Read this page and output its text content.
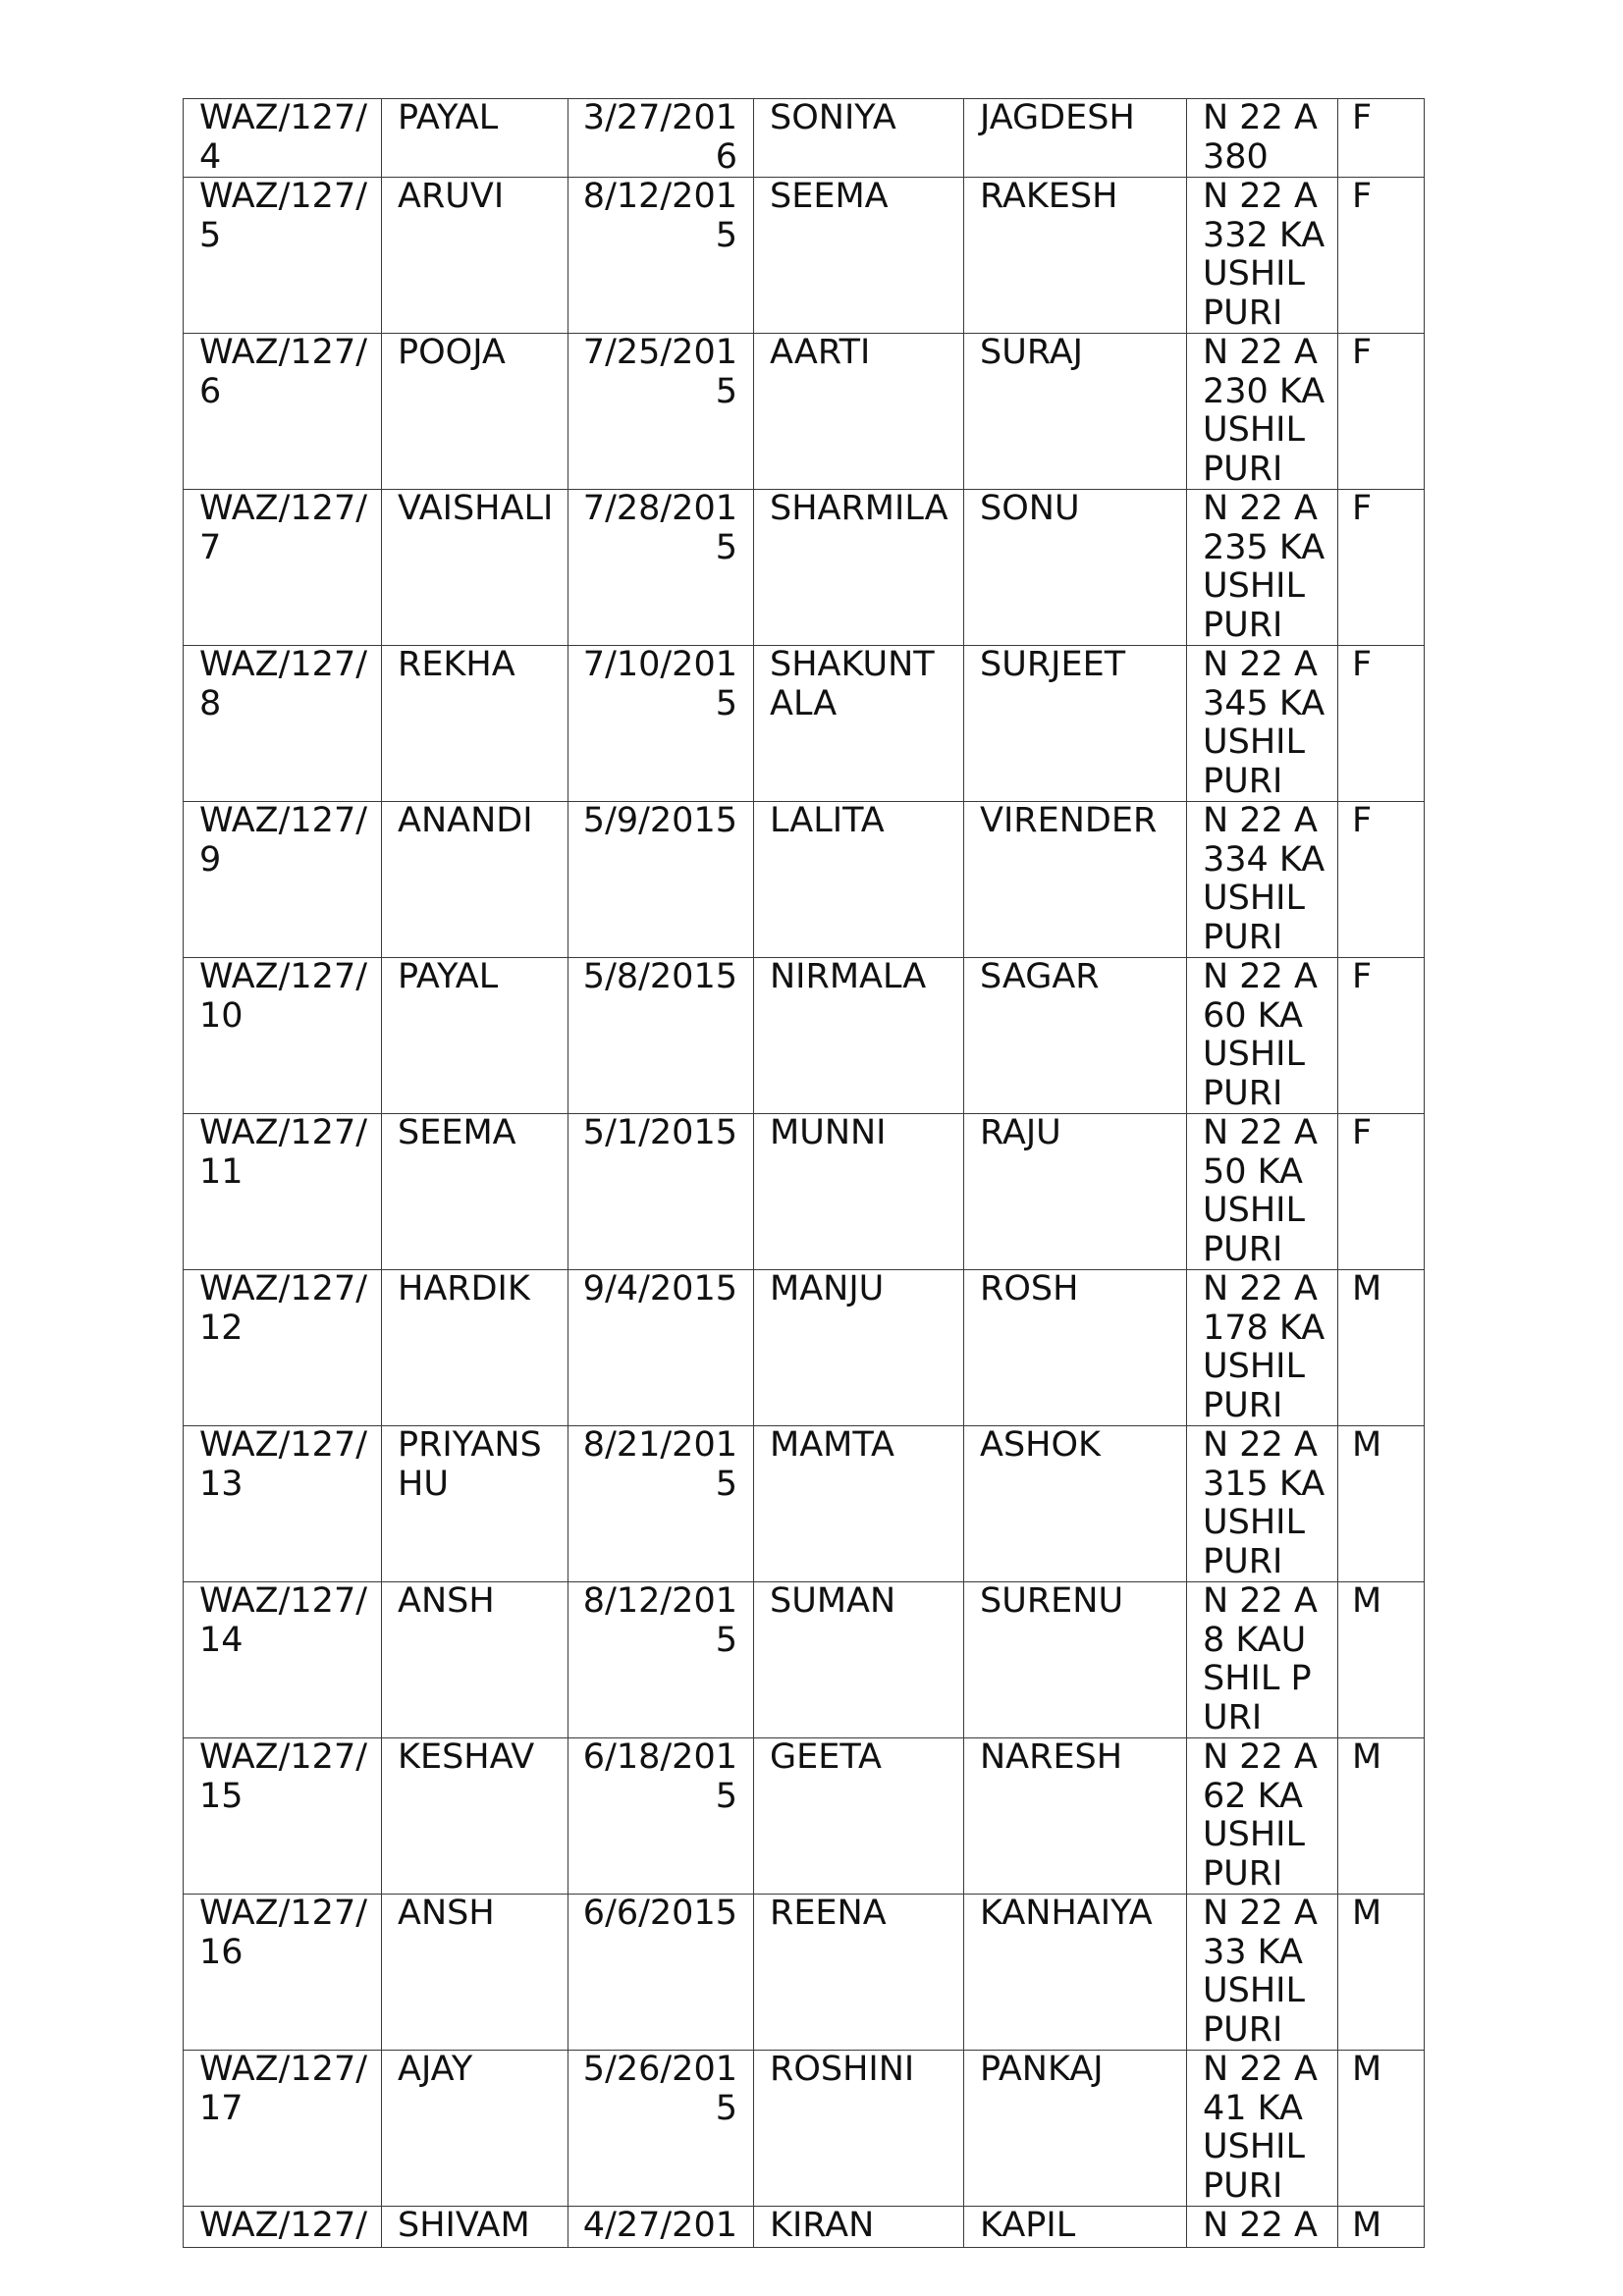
WAZ/127/4	PAYAL	3/27/2016	SONIYA	JAGDESH	N 22 A 380	F
WAZ/127/5	ARUVI	8/12/2015	SEEMA	RAKESH	N 22 A 332 KAUSHIL PURI	F
WAZ/127/6	POOJA	7/25/2015	AARTI	SURAJ	N 22 A 230 KAUSHIL PURI	F
WAZ/127/7	VAISHALI	7/28/2015	SHARMILA	SONU	N 22 A 235 KAUSHIL PURI	F
WAZ/127/8	REKHA	7/10/2015	SHAKUNTALA	SURJEET	N 22 A 345 KAUSHIL PURI	F
WAZ/127/9	ANANDI	5/9/2015	LALITA	VIRENDER	N 22 A 334 KAUSHIL PURI	F
WAZ/127/10	PAYAL	5/8/2015	NIRMALA	SAGAR	N 22 A 60 KAUSHIL PURI	F
WAZ/127/11	SEEMA	5/1/2015	MUNNI	RAJU	N 22 A 50 KAUSHIL PURI	F
WAZ/127/12	HARDIK	9/4/2015	MANJU	ROSH	N 22 A 178 KAUSHIL PURI	M
WAZ/127/13	PRIYANSHU	8/21/2015	MAMTA	ASHOK	N 22 A 315 KAUSHIL PURI	M
WAZ/127/14	ANSH	8/12/2015	SUMAN	SURENU	N 22 A 8 KAUSHIL PURI	M
WAZ/127/15	KESHAV	6/18/2015	GEETA	NARESH	N 22 A 62 KAUSHIL PURI	M
WAZ/127/16	ANSH	6/6/2015	REENA	KANHAIYA	N 22 A 33 KAUSHIL PURI	M
WAZ/127/17	AJAY	5/26/2015	ROSHINI	PANKAJ	N 22 A 41 KAUSHIL PURI	M
WAZ/127/	SHIVAM	4/27/201	KIRAN	KAPIL	N 22 A	M
